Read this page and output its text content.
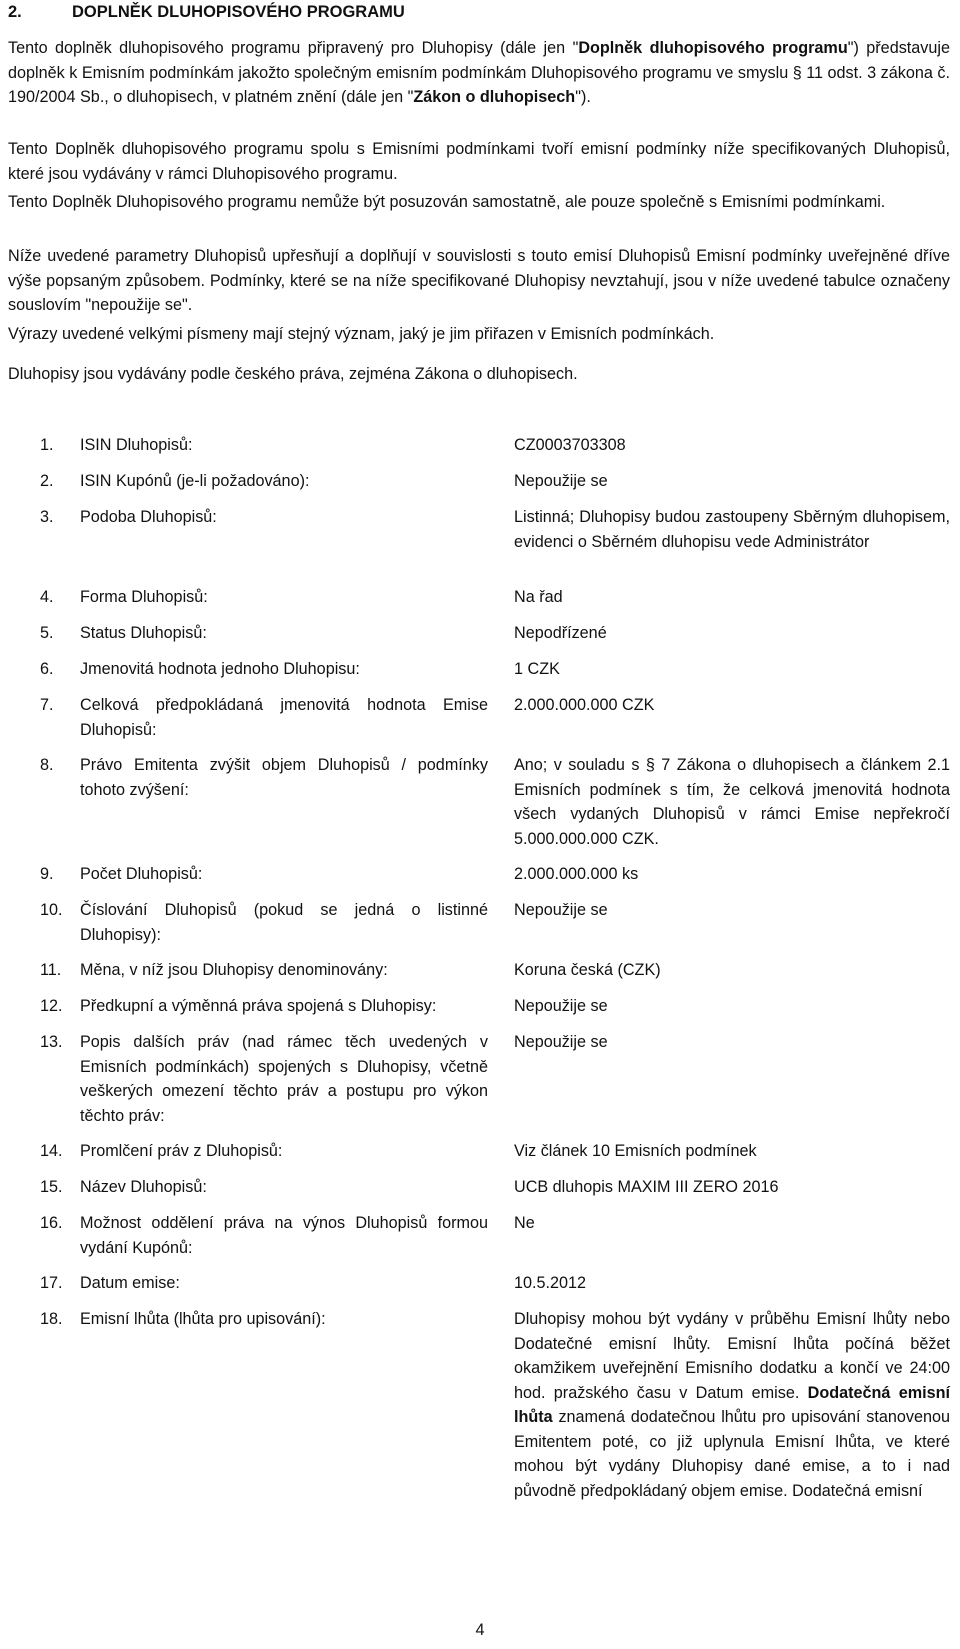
2.	DOPLNĚK DLUHOPISOVÉHO PROGRAMU
Tento doplněk dluhopisového programu připravený pro Dluhopisy (dále jen "Doplněk dluhopisového programu") představuje doplněk k Emisním podmínkám jakožto společným emisním podmínkám Dluhopisového programu ve smyslu § 11 odst. 3 zákona č. 190/2004 Sb., o dluhopisech, v platném znění (dále jen "Zákon o dluhopisech").
Tento Doplněk dluhopisového programu spolu s Emisními podmínkami tvoří emisní podmínky níže specifikovaných Dluhopisů, které jsou vydávány v rámci Dluhopisového programu.
Tento Doplněk Dluhopisového programu nemůže být posuzován samostatně, ale pouze společně s Emisními podmínkami.
Níže uvedené parametry Dluhopisů upřesňují a doplňují v souvislosti s touto emisí Dluhopisů Emisní podmínky uveřejněné dříve výše popsaným způsobem. Podmínky, které se na níže specifikované Dluhopisy nevztahují, jsou v níže uvedené tabulce označeny souslovím "nepoužije se".
Výrazy uvedené velkými písmeny mají stejný význam, jaký je jim přiřazen v Emisních podmínkách.
Dluhopisy jsou vydávány podle českého práva, zejména Zákona o dluhopisech.
1.	ISIN Dluhopisů:	CZ0003703308
2.	ISIN Kupónů (je-li požadováno):	Nepoužije se
3.	Podoba Dluhopisů:	Listinná; Dluhopisy budou zastoupeny Sběrným dluhopisem, evidenci o Sběrném dluhopisu vede Administrátor
4.	Forma Dluhopisů:	Na řad
5.	Status Dluhopisů:	Nepodřízené
6.	Jmenovitá hodnota jednoho Dluhopisu:	1 CZK
7.	Celková předpokládaná jmenovitá hodnota Emise Dluhopisů:
2.000.000.000 CZK
8.	Právo Emitenta zvýšit objem Dluhopisů / podmínky tohoto zvýšení:
Ano; v souladu s § 7 Zákona o dluhopisech a článkem 2.1 Emisních podmínek s tím, že celková jmenovitá hodnota všech vydaných Dluhopisů v rámci Emise nepřekročí 5.000.000.000 CZK.
9.	Počet Dluhopisů:	2.000.000.000 ks
10.	Číslování Dluhopisů (pokud se jedná o listinné Dluhopisy):
Nepoužije se
11.	Měna, v níž jsou Dluhopisy denominovány:	Koruna česká (CZK)
12.	Předkupní a výměnná práva spojená s Dluhopisy:	Nepoužije se
13.	Popis dalších práv (nad rámec těch uvedených v Emisních podmínkách) spojených s Dluhopisy, včetně veškerých omezení těchto práv a postupu pro výkon těchto práv:
Nepoužije se
14.	Promlčení práv z Dluhopisů:	Viz článek 10 Emisních podmínek
15.	Název Dluhopisů:	UCB dluhopis MAXIM III ZERO 2016
16.	Možnost oddělení práva na výnos Dluhopisů formou vydání Kupónů:
Ne
17.	Datum emise:	10.5.2012
18.	Emisní lhůta (lhůta pro upisování):	Dluhopisy mohou být vydány v průběhu Emisní lhůty nebo Dodatečné emisní lhůty. Emisní lhůta počíná běžet okamžikem uveřejnění Emisního dodatku a končí ve 24:00 hod. pražského času v Datum emise. Dodatečná emisní lhůta znamená dodatečnou lhůtu pro upisování stanovenou Emitentem poté, co již uplynula Emisní lhůta, ve které mohou být vydány Dluhopisy dané emise, a to i nad původně předpokládaný objem emise. Dodatečná emisní
4
